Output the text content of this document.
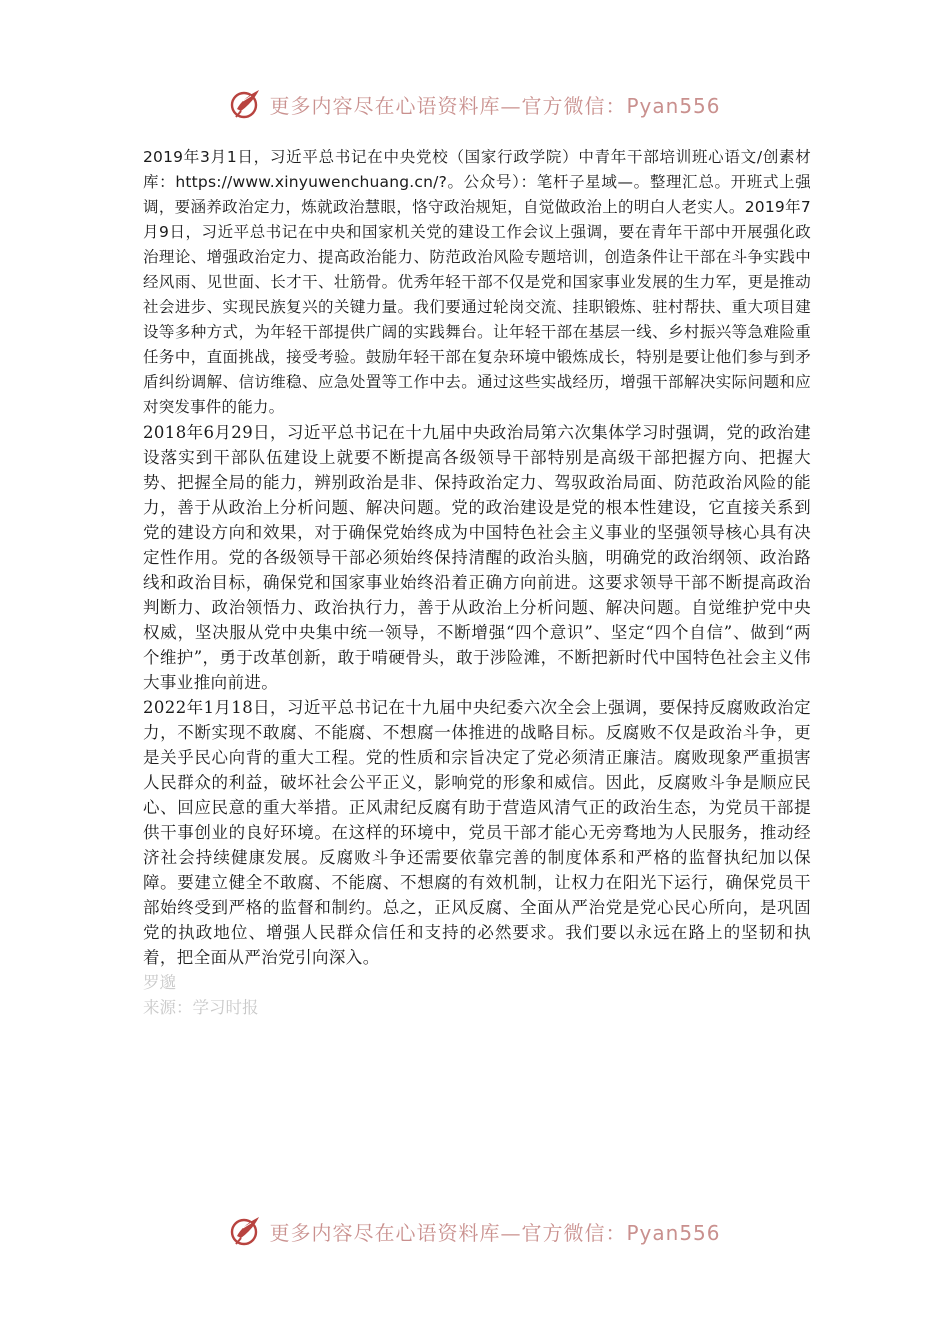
更多内容尽在心语资料库—官方微信：Pyan556

2019年3月1日，习近平总书记在中央党校（国家行政学院）中青年干部培训班心语文/创素材库：https://www.xinyuwenchuang.cn/?。公众号）：笔杆子星域—。整理汇总。开班式上强调，要涵养政治定力，炼就政治慧眼，恪守政治规矩，自觉做政治上的明白人老实人。2019年7月9日，习近平总书记在中央和国家机关党的建设工作会议上强调，要在青年干部中开展强化政治理论、增强政治定力、提高政治能力、防范政治风险专题培训，创造条件让干部在斗争实践中经风雨、见世面、长才干、壮筋骨。优秀年轻干部不仅是党和国家事业发展的生力军，更是推动社会进步、实现民族复兴的关键力量。我们要通过轮岗交流、挂职锻炼、驻村帮扶、重大项目建设等多种方式，为年轻干部提供广阔的实践舞台。让年轻干部在基层一线、乡村振兴等急难险重任务中，直面挑战，接受考验。鼓励年轻干部在复杂环境中锻炼成长，特别是要让他们参与到矛盾纠纷调解、信访维稳、应急处置等工作中去。通过这些实战经历，增强干部解决实际问题和应对突发事件的能力。

2018年6月29日，习近平总书记在十九届中央政治局第六次集体学习时强调，党的政治建设落实到干部队伍建设上就要不断提高各级领导干部特别是高级干部把握方向、把握大势、把握全局的能力，辨别政治是非、保持政治定力、驾驭政治局面、防范政治风险的能力，善于从政治上分析问题、解决问题。党的政治建设是党的根本性建设，它直接关系到党的建设方向和效果，对于确保党始终成为中国特色社会主义事业的坚强领导核心具有决定性作用。党的各级领导干部必须始终保持清醒的政治头脑，明确党的政治纲领、政治路线和政治目标，确保党和国家事业始终沿着正确方向前进。这要求领导干部不断提高政治判断力、政治领悟力、政治执行力，善于从政治上分析问题、解决问题。自觉维护党中央权威，坚决服从党中央集中统一领导，不断增强“四个意识”、坚定“四个自信”、做到“两个维护”，勇于改革创新，敢于啃硬骨头，敢于涉险滩，不断把新时代中国特色社会主义伟大事业推向前进。

2022年1月18日，习近平总书记在十九届中央纪委六次全会上强调，要保持反腐败政治定力，不断实现不敢腐、不能腐、不想腐一体推进的战略目标。反腐败不仅是政治斗争，更是关乎民心向背的重大工程。党的性质和宗旨决定了党必须清正廉洁。腐败现象严重损害人民群众的利益，破坏社会公平正义，影响党的形象和威信。因此，反腐败斗争是顺应民心、回应民意的重大举措。正风肃纪反腐有助于营造风清气正的政治生态，为党员干部提供干事创业的良好环境。在这样的环境中，党员干部才能心无旁骛地为人民服务，推动经济社会持续健康发展。反腐败斗争还需要依靠完善的制度体系和严格的监督执纪加以保障。要建立健全不敢腐、不能腐、不想腐的有效机制，让权力在阳光下运行，确保党员干部始终受到严格的监督和制约。总之，正风反腐、全面从严治党是党心民心所向，是巩固党的执政地位、增强人民群众信任和支持的必然要求。我们要以永远在路上的坚韧和执着，把全面从严治党引向深入。

罗邈

来源：学习时报

更多内容尽在心语资料库—官方微信：Pyan556
